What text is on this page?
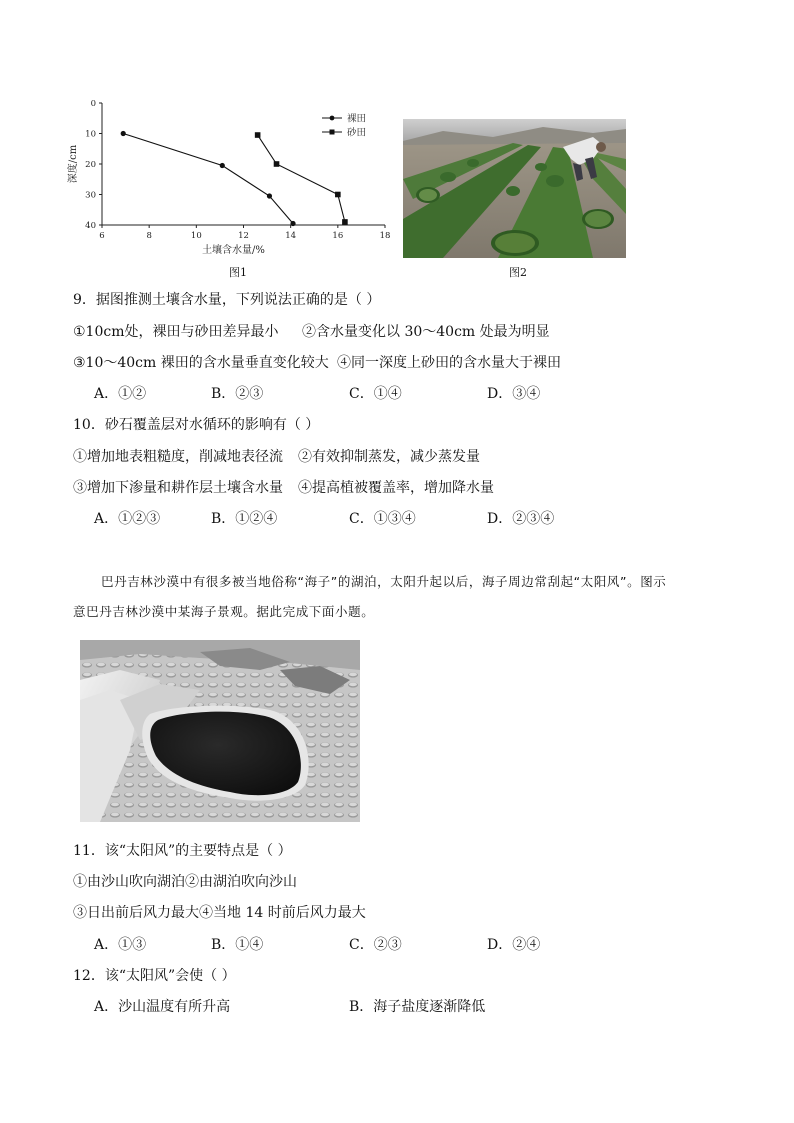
6	8	10	12	14	16	18
0
10
20
30
40
土壤含水量/%
深度/cm
裸田
砂田
图1	图2
9．据图推测土壤含水量，下列说法正确的是（ ）
①10cm处，裸田与砂田差异最小 ②含水量变化以 30～40cm 处最为明显
③10～40cm 裸田的含水量垂直变化较大 ④同一深度上砂田的含水量大于裸田
A．①②	B．②③	C．①④	D．③④
10．砂石覆盖层对水循环的影响有（ ）
①增加地表粗糙度，削减地表径流 ②有效抑制蒸发，减少蒸发量
③增加下渗量和耕作层土壤含水量 ④提高植被覆盖率，增加降水量
A．①②③	B．①②④	C．①③④	D．②③④
巴丹吉林沙漠中有很多被当地俗称“海子”的湖泊，太阳升起以后，海子周边常刮起“太阳风”。图示
意巴丹吉林沙漠中某海子景观。据此完成下面小题。
11．该“太阳风”的主要特点是（ ）
①由沙山吹向湖泊②由湖泊吹向沙山
③日出前后风力最大④当地 14 时前后风力最大
A．①③	B．①④	C．②③	D．②④
12．该“太阳风”会使（ ）
A．沙山温度有所升高	B．海子盐度逐渐降低
